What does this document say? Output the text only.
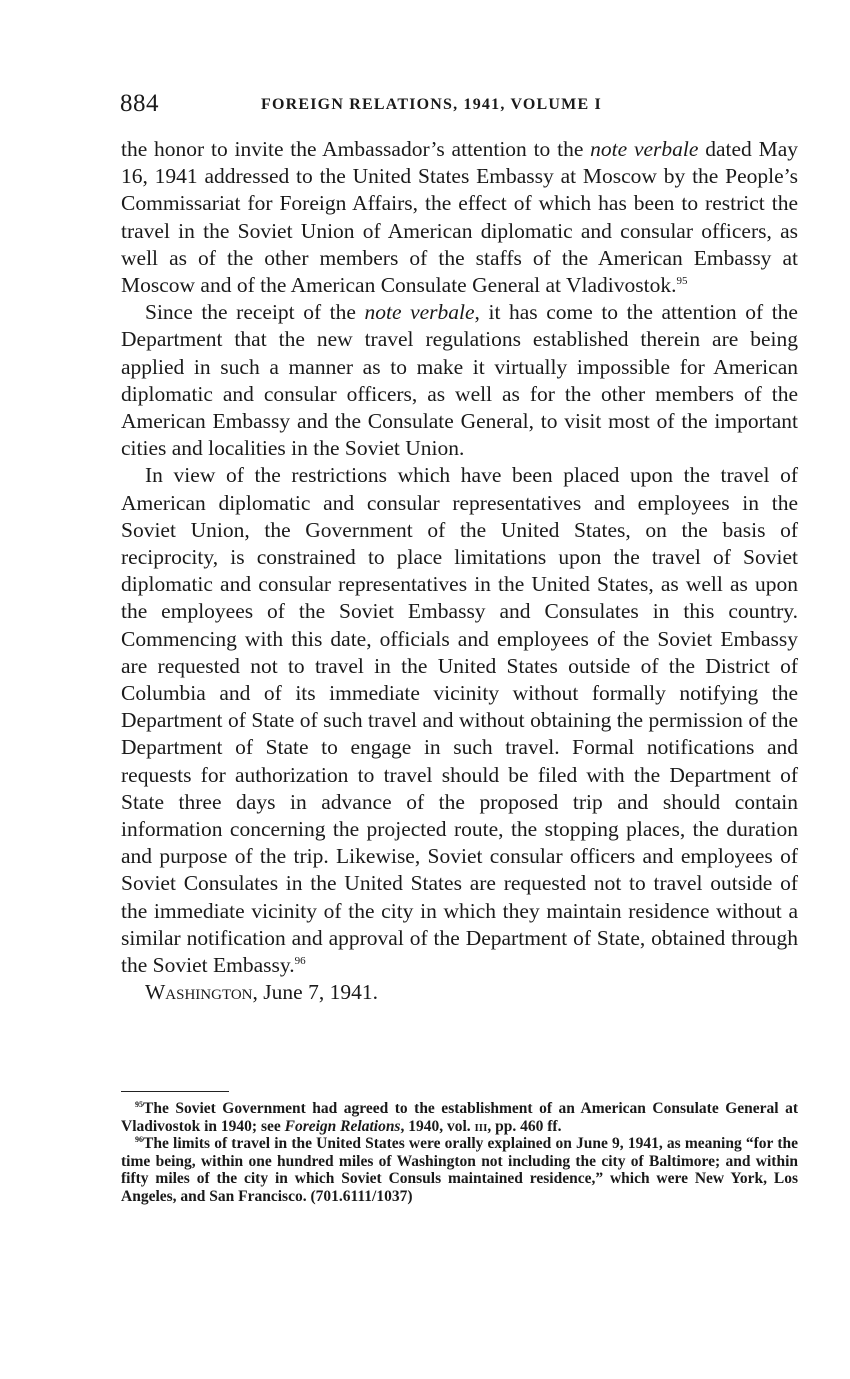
884	FOREIGN RELATIONS, 1941, VOLUME I

the honor to invite the Ambassador’s attention to the note verbale dated May 16, 1941 addressed to the United States Embassy at Moscow by the People’s Commissariat for Foreign Affairs, the effect of which has been to restrict the travel in the Soviet Union of American diplomatic and consular officers, as well as of the other members of the staffs of the American Embassy at Moscow and of the American Consulate General at Vladivostok.$^{95}$

Since the receipt of the note verbale, it has come to the attention of the Department that the new travel regulations established therein are being applied in such a manner as to make it virtually impossible for American diplomatic and consular officers, as well as for the other members of the American Embassy and the Consulate General, to visit most of the important cities and localities in the Soviet Union.

In view of the restrictions which have been placed upon the travel of American diplomatic and consular representatives and employees in the Soviet Union, the Government of the United States, on the basis of reciprocity, is constrained to place limitations upon the travel of Soviet diplomatic and consular representatives in the United States, as well as upon the employees of the Soviet Embassy and Consulates in this country. Commencing with this date, officials and employees of the Soviet Embassy are requested not to travel in the United States outside of the District of Columbia and of its immediate vicinity without formally notifying the Department of State of such travel and without obtaining the permission of the Department of State to engage in such travel. Formal notifications and requests for authorization to travel should be filed with the Department of State three days in advance of the proposed trip and should contain information concerning the projected route, the stopping places, the duration and purpose of the trip. Likewise, Soviet consular officers and employees of Soviet Consulates in the United States are requested not to travel outside of the immediate vicinity of the city in which they maintain residence without a similar notification and approval of the Department of State, obtained through the Soviet Embassy.$^{96}$

Washington, June 7, 1941.

$^{95}$The Soviet Government had agreed to the establishment of an American Consulate General at Vladivostok in 1940; see Foreign Relations, 1940, vol. iii, pp. 460 ff.

$^{96}$The limits of travel in the United States were orally explained on June 9, 1941, as meaning “for the time being, within one hundred miles of Washington not including the city of Baltimore; and within fifty miles of the city in which Soviet Consuls maintained residence,” which were New York, Los Angeles, and San Francisco. (701.6111/1037)
